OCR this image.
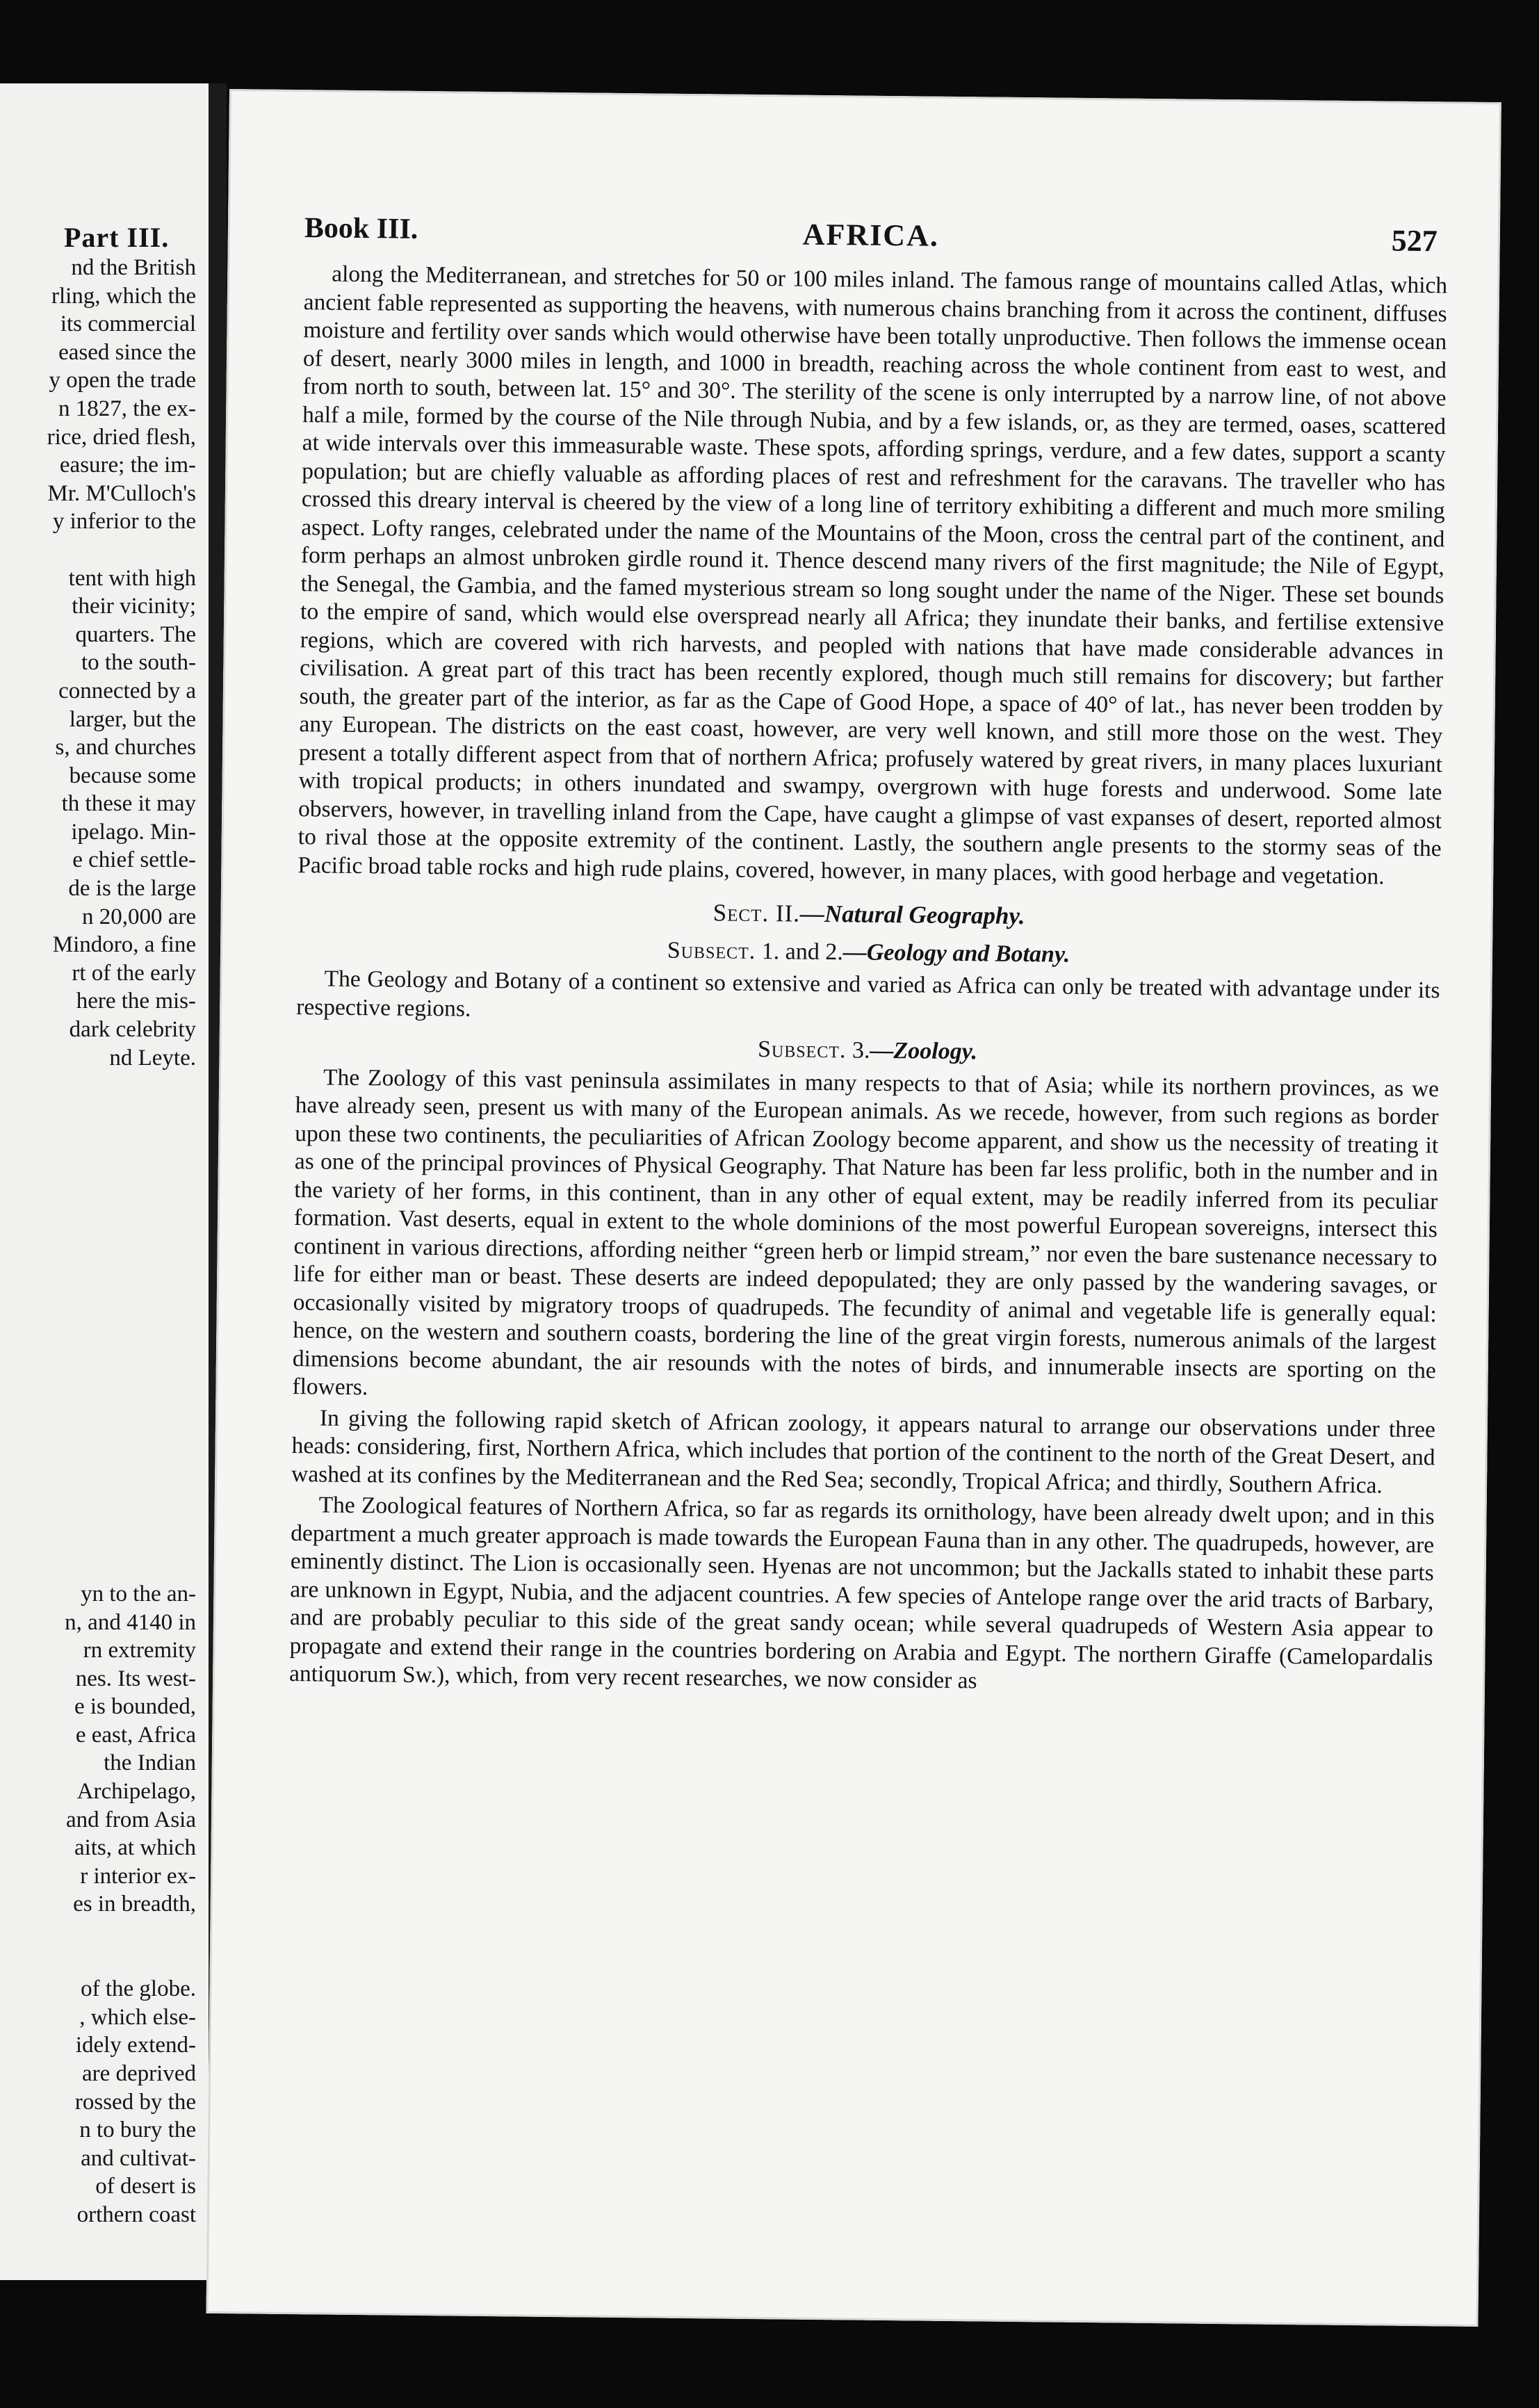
Part III.
nd the British
rling, which the
its commercial
eased since the
y open the trade
n 1827, the ex-
rice, dried flesh,
easure; the im-
Mr. M'Culloch's
y inferior to the
tent with high
their vicinity;
quarters. The
to the south-
connected by a
larger, but the
s, and churches
because some
th these it may
ipelago. Min-
e chief settle-
de is the large
n 20,000 are
Mindoro, a fine
rt of the early
here the mis-
dark celebrity
nd Leyte.
yn to the an-
n, and 4140 in
rn extremity
nes. Its west-
e is bounded,
e east, Africa
the Indian
Archipelago,
and from Asia
aits, at which
r interior ex-
es in breadth,
of the globe.
, which else-
idely extend-
are deprived
rossed by the
n to bury the
and cultivat-
of desert is
orthern coast
Book III.	AFRICA.	527

along the Mediterranean, and stretches for 50 or 100 miles inland. The famous range of mountains called Atlas, which ancient fable represented as supporting the heavens, with numerous chains branching from it across the continent, diffuses moisture and fertility over sands which would otherwise have been totally unproductive. Then follows the immense ocean of desert, nearly 3000 miles in length, and 1000 in breadth, reaching across the whole continent from east to west, and from north to south, between lat. 15° and 30°. The sterility of the scene is only interrupted by a narrow line, of not above half a mile, formed by the course of the Nile through Nubia, and by a few islands, or, as they are termed, oases, scattered at wide intervals over this immeasurable waste. These spots, affording springs, verdure, and a few dates, support a scanty population; but are chiefly valuable as affording places of rest and refreshment for the caravans. The traveller who has crossed this dreary interval is cheered by the view of a long line of territory exhibiting a different and much more smiling aspect. Lofty ranges, celebrated under the name of the Mountains of the Moon, cross the central part of the continent, and form perhaps an almost unbroken girdle round it. Thence descend many rivers of the first magnitude; the Nile of Egypt, the Senegal, the Gambia, and the famed mysterious stream so long sought under the name of the Niger. These set bounds to the empire of sand, which would else overspread nearly all Africa; they inundate their banks, and fertilise extensive regions, which are covered with rich harvests, and peopled with nations that have made considerable advances in civilisation. A great part of this tract has been recently explored, though much still remains for discovery; but farther south, the greater part of the interior, as far as the Cape of Good Hope, a space of 40° of lat., has never been trodden by any European. The districts on the east coast, however, are very well known, and still more those on the west. They present a totally different aspect from that of northern Africa; profusely watered by great rivers, in many places luxuriant with tropical products; in others inundated and swampy, overgrown with huge forests and underwood. Some late observers, however, in travelling inland from the Cape, have caught a glimpse of vast expanses of desert, reported almost to rival those at the opposite extremity of the continent. Lastly, the southern angle presents to the stormy seas of the Pacific broad table rocks and high rude plains, covered, however, in many places, with good herbage and vegetation.

Sect. II.—Natural Geography.
Subsect. 1. and 2.—Geology and Botany.

The Geology and Botany of a continent so extensive and varied as Africa can only be treated with advantage under its respective regions.

Subsect. 3.—Zoology.

The Zoology of this vast peninsula assimilates in many respects to that of Asia; while its northern provinces, as we have already seen, present us with many of the European animals. As we recede, however, from such regions as border upon these two continents, the peculiarities of African Zoology become apparent, and show us the necessity of treating it as one of the principal provinces of Physical Geography. That Nature has been far less prolific, both in the number and in the variety of her forms, in this continent, than in any other of equal extent, may be readily inferred from its peculiar formation. Vast deserts, equal in extent to the whole dominions of the most powerful European sovereigns, intersect this continent in various directions, affording neither “green herb or limpid stream,” nor even the bare sustenance necessary to life for either man or beast. These deserts are indeed depopulated; they are only passed by the wandering savages, or occasionally visited by migratory troops of quadrupeds. The fecundity of animal and vegetable life is generally equal: hence, on the western and southern coasts, bordering the line of the great virgin forests, numerous animals of the largest dimensions become abundant, the air resounds with the notes of birds, and innumerable insects are sporting on the flowers.

In giving the following rapid sketch of African zoology, it appears natural to arrange our observations under three heads: considering, first, Northern Africa, which includes that portion of the continent to the north of the Great Desert, and washed at its confines by the Mediterranean and the Red Sea; secondly, Tropical Africa; and thirdly, Southern Africa.

The Zoological features of Northern Africa, so far as regards its ornithology, have been already dwelt upon; and in this department a much greater approach is made towards the European Fauna than in any other. The quadrupeds, however, are eminently distinct. The Lion is occasionally seen. Hyenas are not uncommon; but the Jackalls stated to inhabit these parts are unknown in Egypt, Nubia, and the adjacent countries. A few species of Antelope range over the arid tracts of Barbary, and are probably peculiar to this side of the great sandy ocean; while several quadrupeds of Western Asia appear to propagate and extend their range in the countries bordering on Arabia and Egypt. The northern Giraffe (Camelopardalis antiquorum Sw.), which, from very recent researches, we now consider as
